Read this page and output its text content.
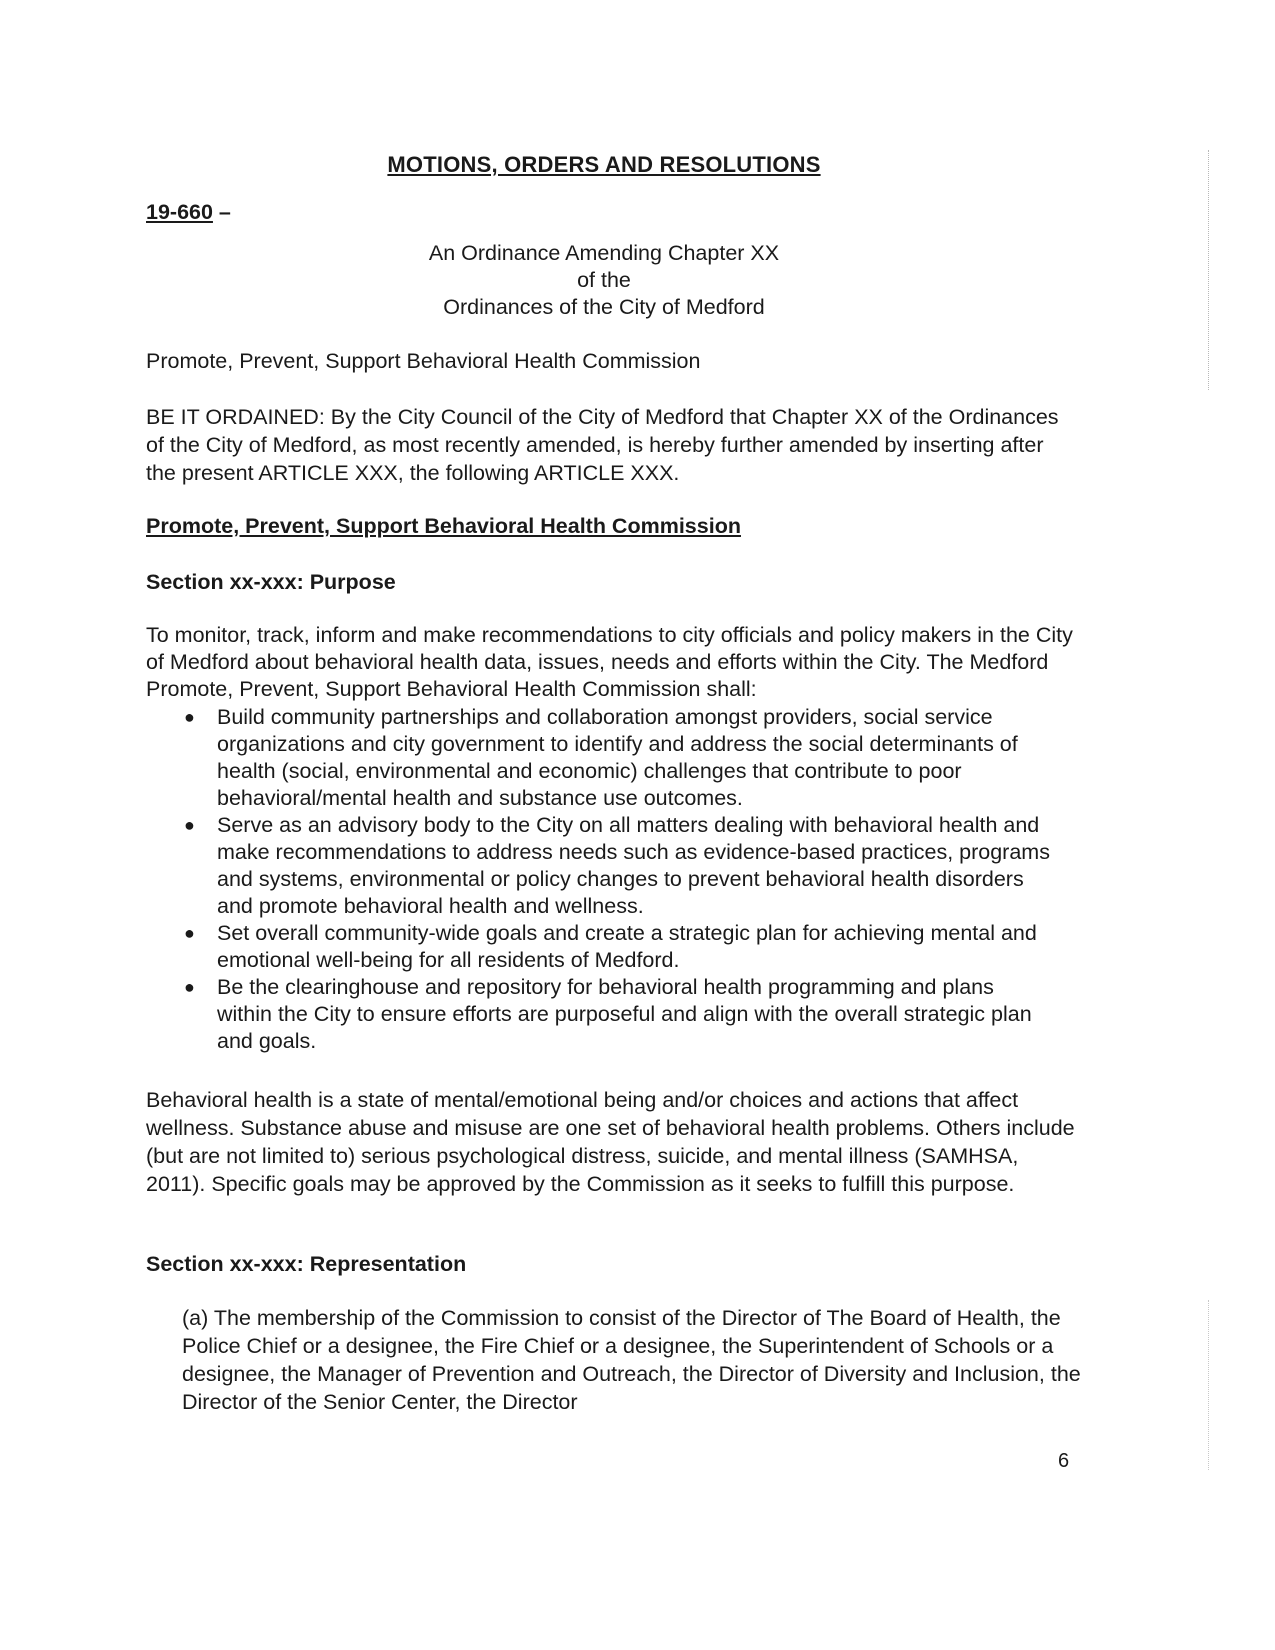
MOTIONS, ORDERS AND RESOLUTIONS
19-660 –
An Ordinance Amending Chapter XX
of the
Ordinances of the City of Medford
Promote, Prevent, Support Behavioral Health Commission
BE IT ORDAINED: By the City Council of the City of Medford that Chapter XX of the Ordinances of the City of Medford, as most recently amended, is hereby further amended by inserting after the present ARTICLE XXX, the following ARTICLE XXX.
Promote, Prevent, Support Behavioral Health Commission
Section xx-xxx: Purpose
To monitor, track, inform and make recommendations to city officials and policy makers in the City of Medford about behavioral health data, issues, needs and efforts within the City. The Medford Promote, Prevent, Support Behavioral Health Commission shall:
● Build community partnerships and collaboration amongst providers, social service organizations and city government to identify and address the social determinants of health (social, environmental and economic) challenges that contribute to poor behavioral/mental health and substance use outcomes.
● Serve as an advisory body to the City on all matters dealing with behavioral health and make recommendations to address needs such as evidence-based practices, programs and systems, environmental or policy changes to prevent behavioral health disorders and promote behavioral health and wellness.
● Set overall community-wide goals and create a strategic plan for achieving mental and emotional well-being for all residents of Medford.
● Be the clearinghouse and repository for behavioral health programming and plans within the City to ensure efforts are purposeful and align with the overall strategic plan and goals.
Behavioral health is a state of mental/emotional being and/or choices and actions that affect wellness. Substance abuse and misuse are one set of behavioral health problems. Others include (but are not limited to) serious psychological distress, suicide, and mental illness (SAMHSA, 2011). Specific goals may be approved by the Commission as it seeks to fulfill this purpose.
Section xx-xxx: Representation
(a) The membership of the Commission to consist of the Director of The Board of Health, the Police Chief or a designee, the Fire Chief or a designee, the Superintendent of Schools or a designee, the Manager of Prevention and Outreach, the Director of Diversity and Inclusion, the Director of the Senior Center, the Director
6
